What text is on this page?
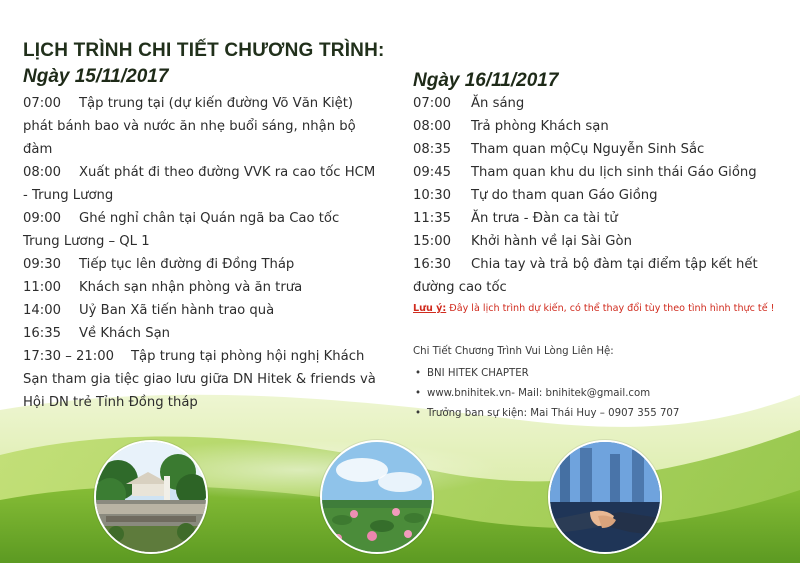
LỊCH TRÌNH CHI TIẾT CHƯƠNG TRÌNH:
Ngày 15/11/2017	Ngày 16/11/2017

07:00 Tập trung tại (dự kiến đường Võ Văn Kiệt) phát bánh bao và nước ăn nhẹ buổi sáng, nhận bộ đàm

08:00 Xuất phát đi theo đường VVK ra cao tốc HCM - Trung Lương

09:00 Ghé nghỉ chân tại Quán ngã ba Cao tốc Trung Lương – QL 1

09:30 Tiếp tục lên đường đi Đồng Tháp

11:00 Khách sạn nhận phòng và ăn trưa

14:00 Uỷ Ban Xã tiến hành trao quà

16:35 Về Khách Sạn

17:30 – 21:00 Tập trung tại phòng hội nghị Khách Sạn tham gia tiệc giao lưu giữa DN Hitek & friends và Hội DN trẻ Tỉnh Đồng tháp

07:00 Ăn sáng

08:00 Trả phòng Khách sạn

08:35 Tham quan mộCụ Nguyễn Sinh Sắc

09:45 Tham quan khu du lịch sinh thái Gáo Giồng

10:30 Tự do tham quan Gáo Giồng

11:35 Ăn trưa - Đàn ca tài tử

15:00 Khởi hành về lại Sài Gòn

16:30 Chia tay và trả bộ đàm tại điểm tập kết hết đường cao tốc

Lưu ý: Đây là lịch trình dự kiến, có thể thay đổi tùy theo tình hình thực tế !
Chi Tiết Chương Trình Vui Lòng Liên Hệ:
• BNI HITEK CHAPTER
• www.bnihitek.vn- Mail: bnihitek@gmail.com
• Trưởng ban sự kiện: Mai Thái Huy – 0907 355 707
